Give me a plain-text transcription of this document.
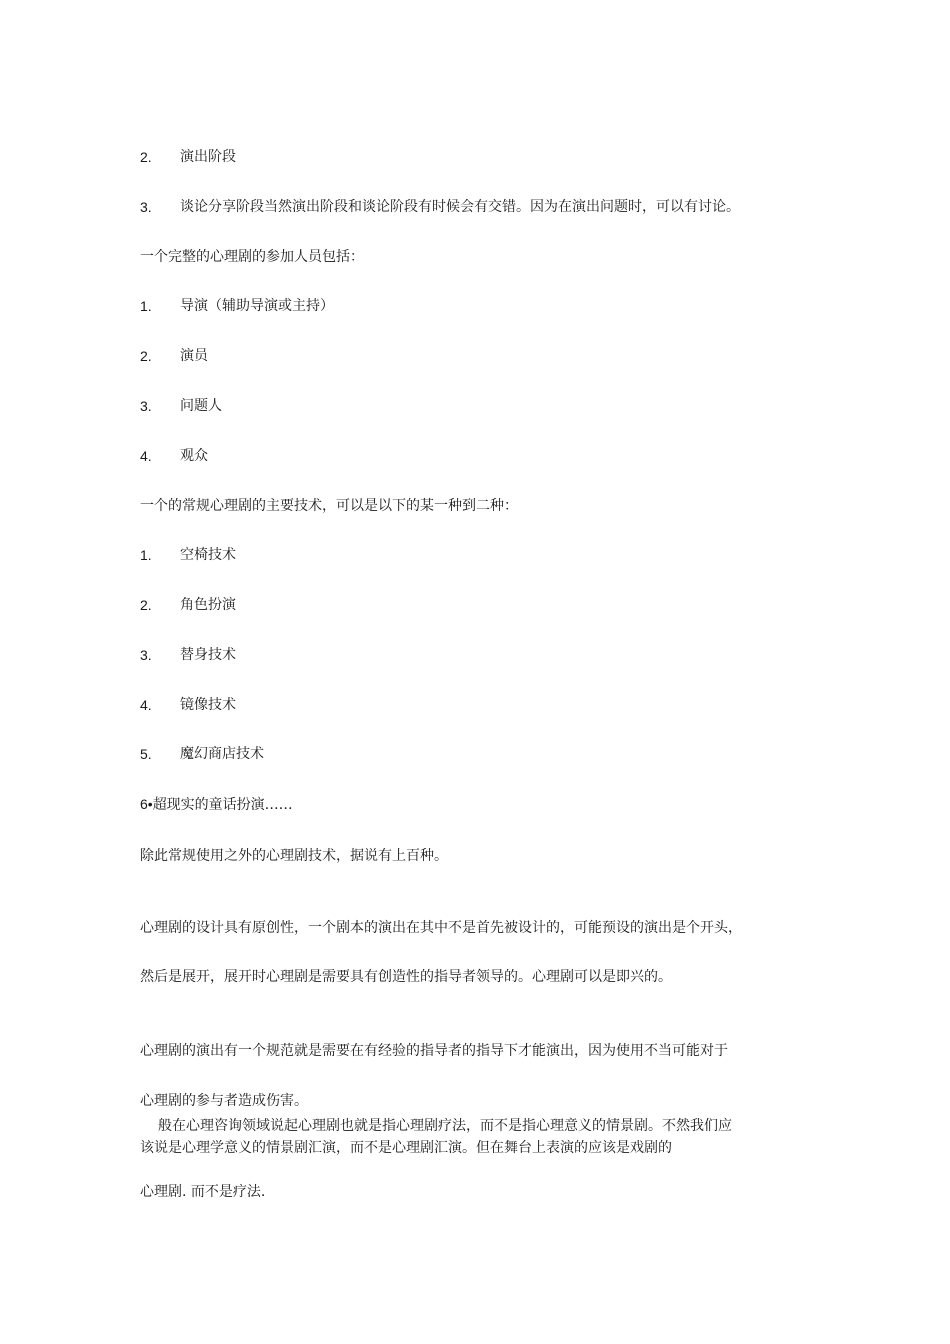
2. 演出阶段
3. 谈论分享阶段当然演出阶段和谈论阶段有时候会有交错。因为在演出问题时，可以有讨论。
一个完整的心理剧的参加人员包括：
1. 导演（辅助导演或主持）
2. 演员
3. 问题人
4. 观众
一个的常规心理剧的主要技术，可以是以下的某一种到二种：
1. 空椅技术
2. 角色扮演
3. 替身技术
4. 镜像技术
5. 魔幻商店技术
6•超现实的童话扮演……
除此常规使用之外的心理剧技术，据说有上百种。
心理剧的设计具有原创性，一个剧本的演出在其中不是首先被设计的，可能预设的演出是个开头，
然后是展开，展开时心理剧是需要具有创造性的指导者领导的。心理剧可以是即兴的。
心理剧的演出有一个规范就是需要在有经验的指导者的指导下才能演出，因为使用不当可能对于
心理剧的参与者造成伤害。
般在心理咨询领域说起心理剧也就是指心理剧疗法，而不是指心理意义的情景剧。不然我们应
该说是心理学意义的情景剧汇演，而不是心理剧汇演。但在舞台上表演的应该是戏剧的
心理剧. 而不是疗法.
